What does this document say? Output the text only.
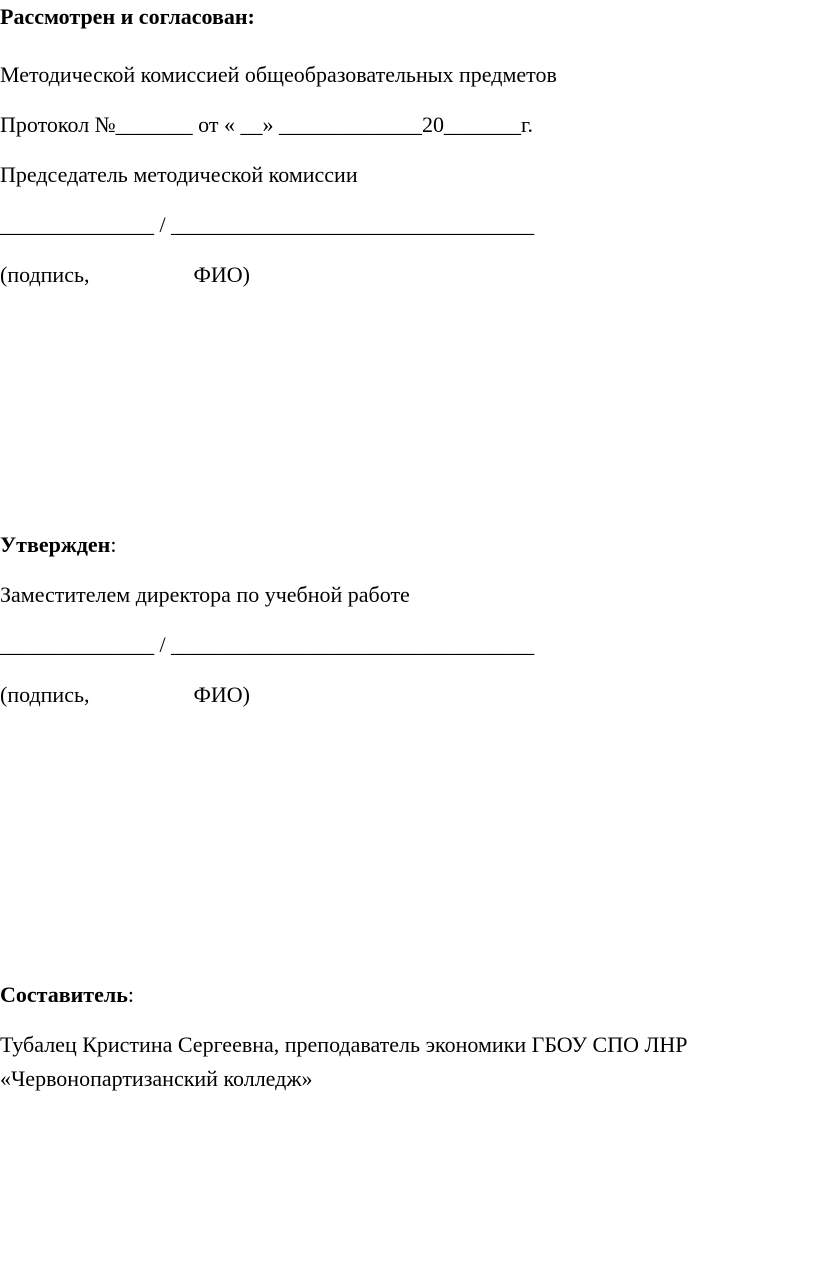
Рассмотрен и согласован:

Методической комиссией общеобразовательных предметов

Протокол №_______ от « __» _____________20_______г.

Председатель методической комиссии

______________ / _________________________________

(подпись,	ФИО)

Утвержден:

Заместителем директора по учебной работе

______________ / _________________________________

(подпись,	ФИО)

Составитель:

Тубалец Кристина Сергеевна, преподаватель экономики ГБОУ СПО ЛНР

«Червонопартизанский колледж»
